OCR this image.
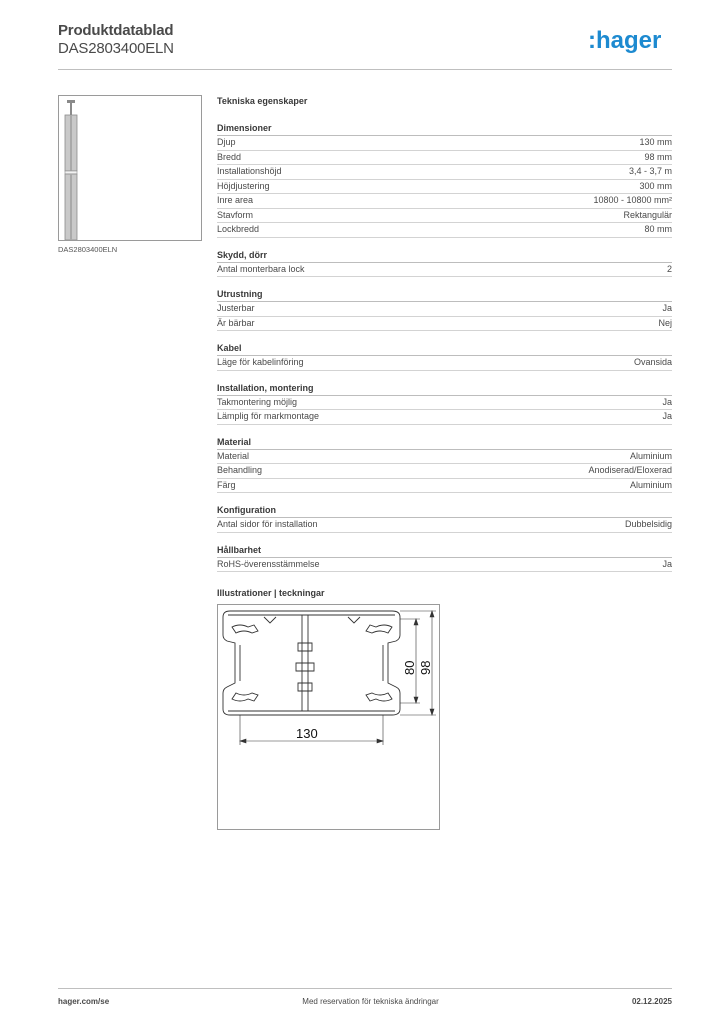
Produktdatablad
DAS2803400ELN	:hager
DAS2803400ELN
Tekniska egenskaper
Dimensioner
Djup	130 mm
Bredd	98 mm
Installationshöjd	3,4 - 3,7 m
Höjdjustering	300 mm
Inre area	10800 - 10800 mm²
Stavform	Rektangulär
Lockbredd	80 mm
Skydd, dörr
Antal monterbara lock	2
Utrustning
Justerbar	Ja
Är bärbar	Nej
Kabel
Läge för kabelinföring	Ovansida
Installation, montering
Takmontering möjlig	Ja
Lämplig för markmontage	Ja
Material
Material	Aluminium
Behandling	Anodiserad/Eloxerad
Färg	Aluminium
Konfiguration
Antal sidor för installation	Dubbelsidig
Hållbarhet
RoHS-överensstämmelse	Ja
Illustrationer | teckningar
130
80 98
hager.com/se	Med reservation för tekniska ändringar	02.12.2025
